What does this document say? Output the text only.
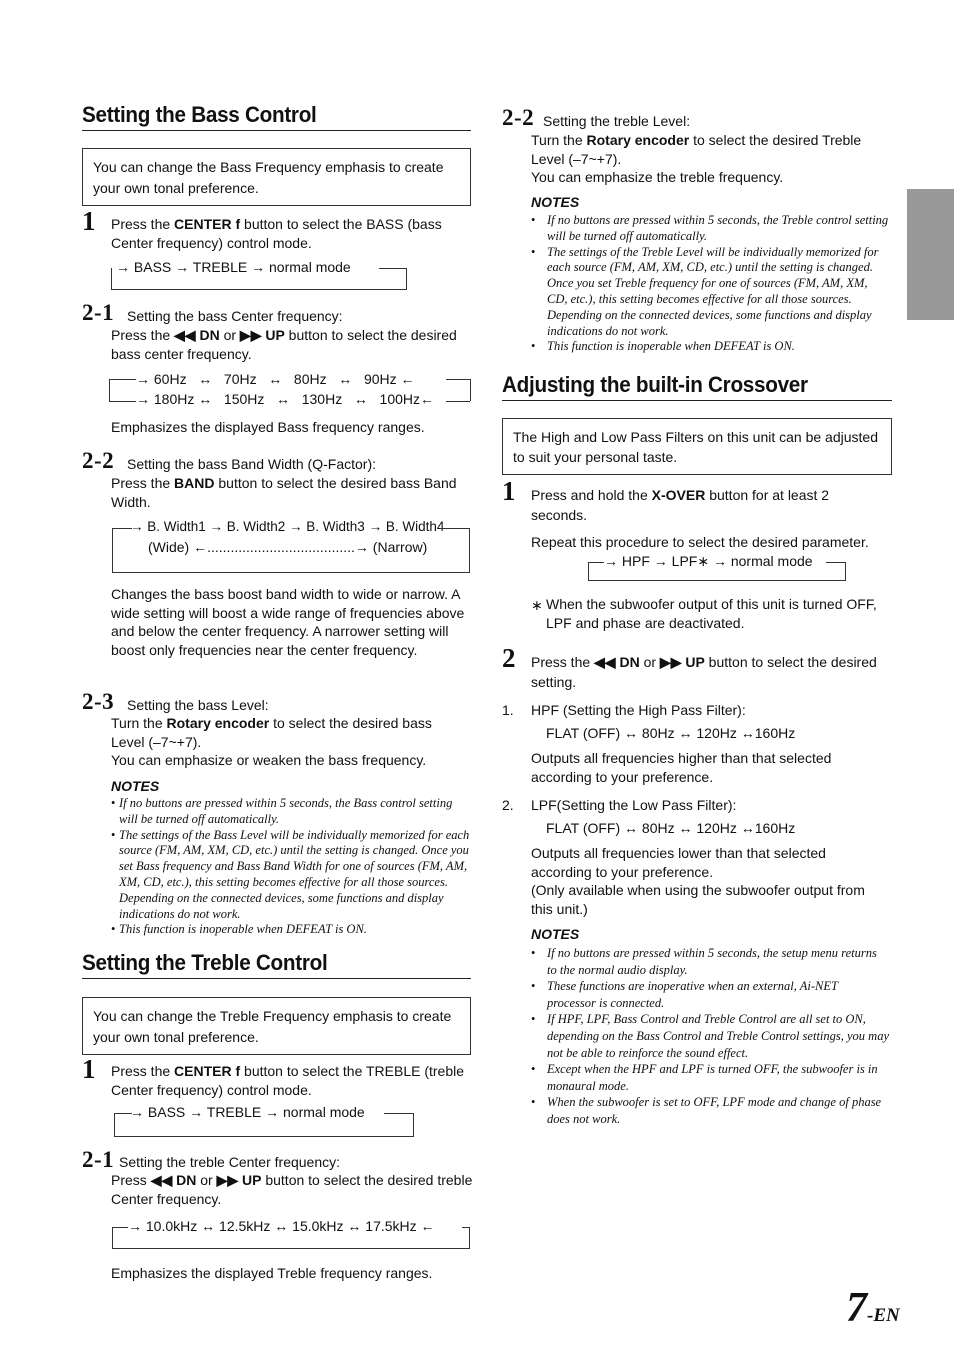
Setting the Bass Control
You can change the Bass Frequency emphasis to create your own tonal preference.
1 Press the CENTER f button to select the BASS (bass Center frequency) control mode.
→ BASS → TREBLE → normal mode
2-1 Setting the bass Center frequency:
Press the ◀◀ DN or ▶▶ UP button to select the desired bass center frequency.
→ 60Hz   ↔   70Hz   ↔   80Hz   ↔   90Hz ←
→ 180Hz ↔   150Hz   ↔   130Hz   ↔   100Hz←
Emphasizes the displayed Bass frequency ranges.
2-2 Setting the bass Band Width (Q-Factor):
Press the BAND button to select the desired bass Band Width.
→ B. Width1 → B. Width2 → B. Width3 → B. Width4
(Wide) ←......................................→ (Narrow)
Changes the bass boost band width to wide or narrow. A wide setting will boost a wide range of frequencies above and below the center frequency. A narrower setting will boost only frequencies near the center frequency.
2-3 Setting the bass Level:
Turn the Rotary encoder to select the desired bass Level (–7~+7).
You can emphasize or weaken the bass frequency.
NOTES
• If no buttons are pressed within 5 seconds, the Bass control setting will be turned off automatically.
• The settings of the Bass Level will be individually memorized for each source (FM, AM, XM, CD, etc.) until the setting is changed. Once you set Bass frequency and Bass Band Width for one of sources (FM, AM, XM, CD, etc.), this setting becomes effective for all those sources. Depending on the connected devices, some functions and display indications do not work.
• This function is inoperable when DEFEAT is ON.
Setting the Treble Control
You can change the Treble Frequency emphasis to create your own tonal preference.
1 Press the CENTER f button to select the TREBLE (treble Center frequency) control mode.
→ BASS → TREBLE → normal mode
2-1 Setting the treble Center frequency:
Press ◀◀ DN or ▶▶ UP button to select the desired treble Center frequency.
→ 10.0kHz ↔ 12.5kHz ↔ 15.0kHz ↔ 17.5kHz ←
Emphasizes the displayed Treble frequency ranges.
2-2 Setting the treble Level:
Turn the Rotary encoder to select the desired Treble Level (–7~+7).
You can emphasize the treble frequency.
NOTES
• If no buttons are pressed within 5 seconds, the Treble control setting will be turned off automatically.
• The settings of the Treble Level will be individually memorized for each source (FM, AM, XM, CD, etc.) until the setting is changed. Once you set Treble frequency for one of sources (FM, AM, XM, CD, etc.), this setting becomes effective for all those sources. Depending on the connected devices, some functions and display indications do not work.
• This function is inoperable when DEFEAT is ON.
Adjusting the built-in Crossover
The High and Low Pass Filters on this unit can be adjusted to suit your personal taste.
1 Press and hold the X-OVER button for at least 2 seconds.
Repeat this procedure to select the desired parameter.
→ HPF → LPF∗ → normal mode
∗ When the subwoofer output of this unit is turned OFF, LPF and phase are deactivated.
2 Press the ◀◀ DN or ▶▶ UP button to select the desired setting.
1. HPF (Setting the High Pass Filter):
FLAT (OFF) ↔ 80Hz ↔ 120Hz ↔160Hz
Outputs all frequencies higher than that selected according to your preference.
2. LPF(Setting the Low Pass Filter):
FLAT (OFF) ↔ 80Hz ↔ 120Hz ↔160Hz
Outputs all frequencies lower than that selected according to your preference.
(Only available when using the subwoofer output from this unit.)
NOTES
• If no buttons are pressed within 5 seconds, the setup menu returns to the normal audio display.
• These functions are inoperative when an external, Ai-NET processor is connected.
• If HPF, LPF, Bass Control and Treble Control are all set to ON, depending on the Bass Control and Treble Control settings, you may not be able to reinforce the sound effect.
• Except when the HPF and LPF is turned OFF, the subwoofer is in monaural mode.
• When the subwoofer is set to OFF, LPF mode and change of phase does not work.
7-EN
